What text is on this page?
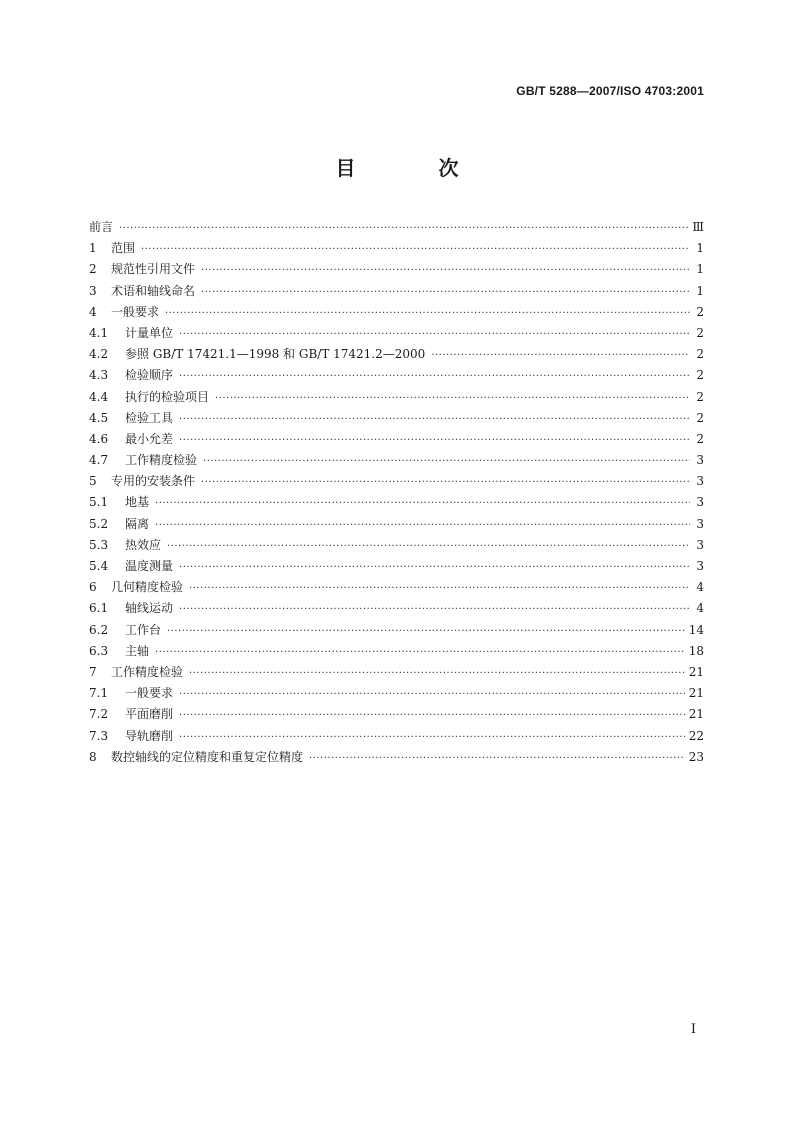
GB/T 5288—2007/ISO 4703:2001
目 次
前言 ·····	Ⅲ
1	范围 ·····	1
2	规范性引用文件 ·····	1
3	术语和轴线命名 ·····	1
4	一般要求 ·····	2
4.1	计量单位 ·····	2
4.2	参照 GB/T 17421.1—1998 和 GB/T 17421.2—2000 ·····	2
4.3	检验顺序 ·····	2
4.4	执行的检验项目 ·····	2
4.5	检验工具 ·····	2
4.6	最小允差 ·····	2
4.7	工作精度检验 ·····	3
5	专用的安装条件 ·····	3
5.1	地基 ·····	3
5.2	隔离 ·····	3
5.3	热效应 ·····	3
5.4	温度测量 ·····	3
6	几何精度检验 ·····	4
6.1	轴线运动 ·····	4
6.2	工作台 ·····	14
6.3	主轴 ·····	18
7	工作精度检验 ·····	21
7.1	一般要求 ·····	21
7.2	平面磨削 ·····	21
7.3	导轨磨削 ·····	22
8	数控轴线的定位精度和重复定位精度 ·····	23
I
